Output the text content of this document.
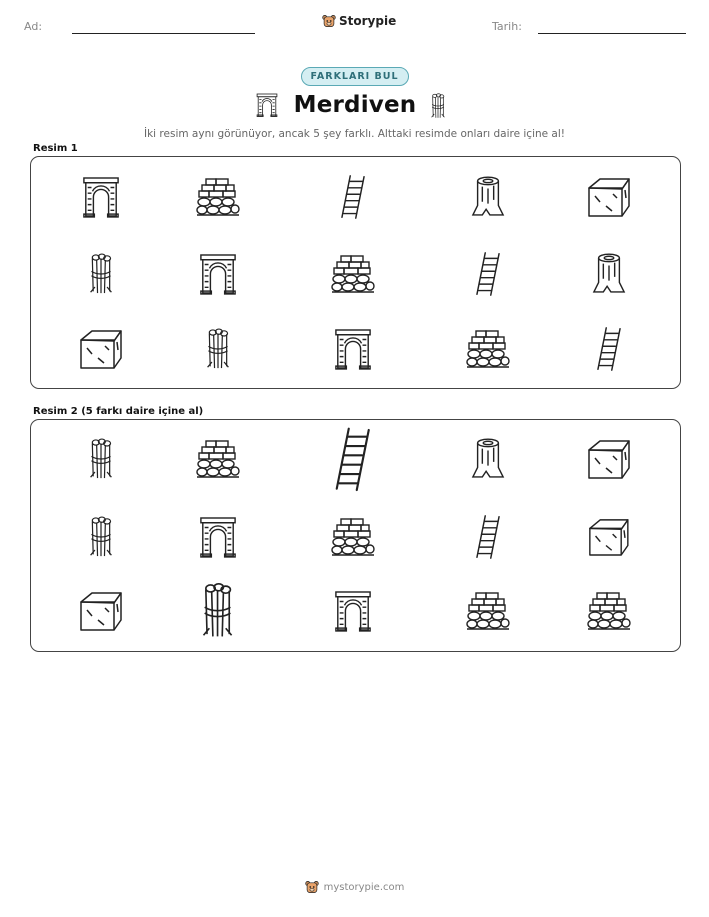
Ad:	Storypie	Tarih:
FARKLARI BUL
Merdiven
İki resim aynı görünüyor, ancak 5 şey farklı. Alttaki resimde onları daire içine al!
Resim 1
Resim 2 (5 farkı daire içine al)
mystorypie.com
